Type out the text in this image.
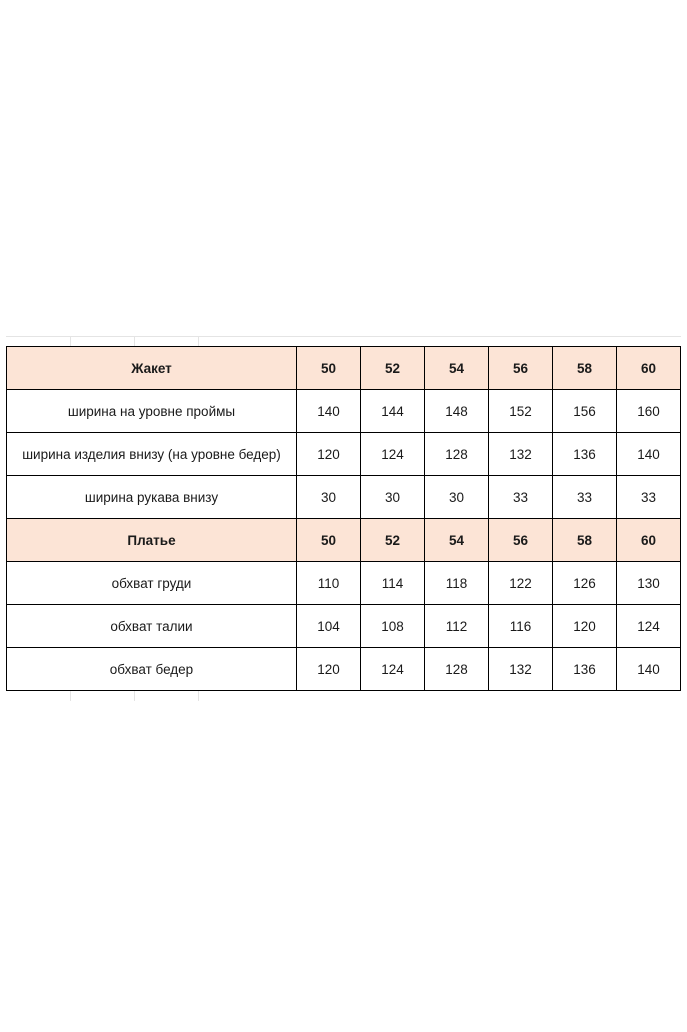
Жакет	50	52	54	56	58	60
ширина на уровне проймы	140	144	148	152	156	160
ширина изделия внизу (на уровне бедер)	120	124	128	132	136	140
ширина рукава внизу	30	30	30	33	33	33
Платье	50	52	54	56	58	60
обхват груди	110	114	118	122	126	130
обхват талии	104	108	112	116	120	124
обхват бедер	120	124	128	132	136	140
